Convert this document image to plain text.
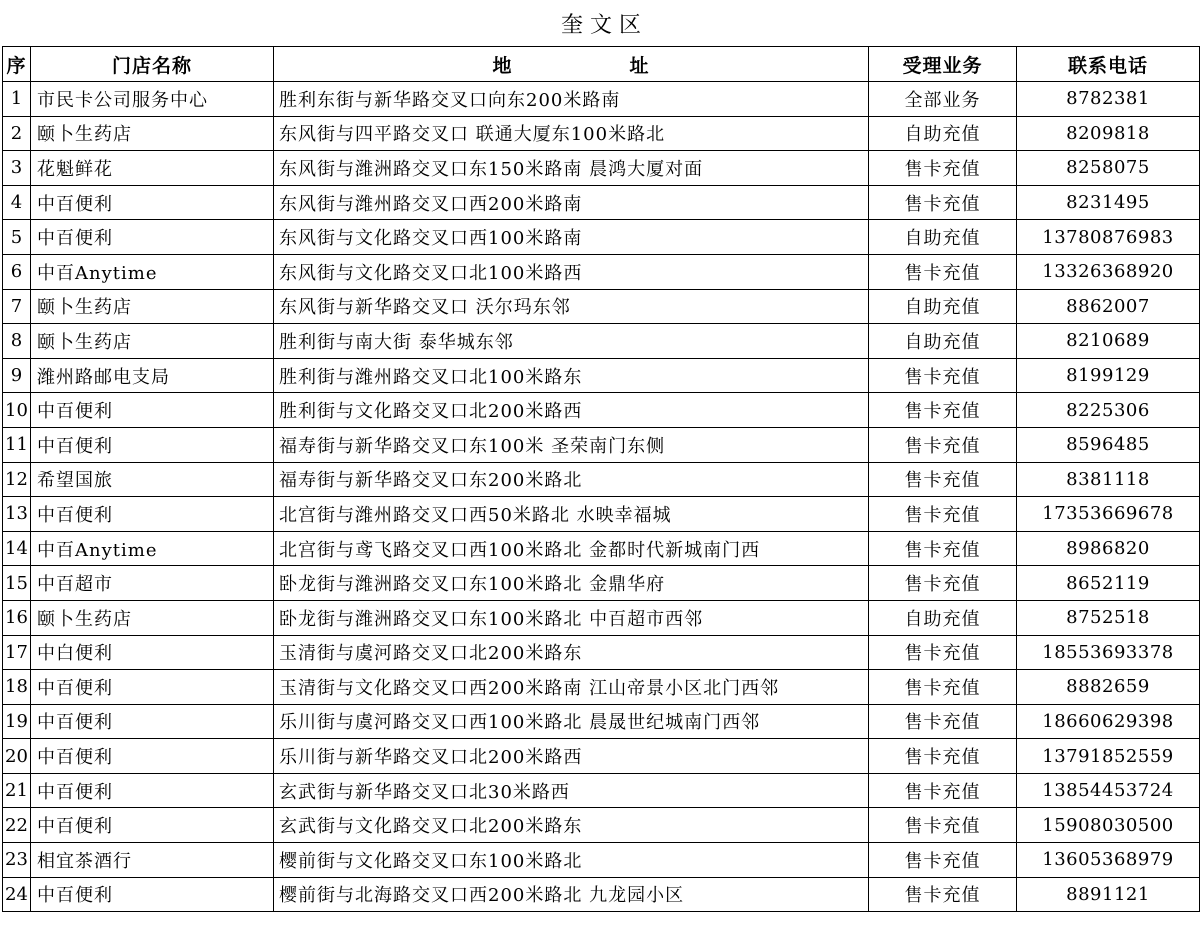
奎 文 区
序	门店名称	地 址	受理业务	联系电话
1	市民卡公司服务中心	胜利东街与新华路交叉口向东200米路南	全部业务	8782381
2	颐卜生药店	东风街与四平路交叉口 联通大厦东100米路北	自助充值	8209818
3	花魁鲜花	东风街与潍洲路交叉口东150米路南 晨鸿大厦对面	售卡充值	8258075
4	中百便利	东风街与潍州路交叉口西200米路南	售卡充值	8231495
5	中百便利	东风街与文化路交叉口西100米路南	自助充值	13780876983
6	中百Anytime	东风街与文化路交叉口北100米路西	售卡充值	13326368920
7	颐卜生药店	东风街与新华路交叉口 沃尔玛东邻	自助充值	8862007
8	颐卜生药店	胜利街与南大街 泰华城东邻	自助充值	8210689
9	潍州路邮电支局	胜利街与潍州路交叉口北100米路东	售卡充值	8199129
10	中百便利	胜利街与文化路交叉口北200米路西	售卡充值	8225306
11	中百便利	福寿街与新华路交叉口东100米 圣荣南门东侧	售卡充值	8596485
12	希望国旅	福寿街与新华路交叉口东200米路北	售卡充值	8381118
13	中百便利	北宫街与潍州路交叉口西50米路北 水映幸福城	售卡充值	17353669678
14	中百Anytime	北宫街与鸢飞路交叉口西100米路北 金都时代新城南门西	售卡充值	8986820
15	中百超市	卧龙街与潍洲路交叉口东100米路北 金鼎华府	售卡充值	8652119
16	颐卜生药店	卧龙街与潍洲路交叉口东100米路北 中百超市西邻	自助充值	8752518
17	中白便利	玉清街与虞河路交叉口北200米路东	售卡充值	18553693378
18	中百便利	玉清街与文化路交叉口西200米路南 江山帝景小区北门西邻	售卡充值	8882659
19	中百便利	乐川街与虞河路交叉口西100米路北 晨晟世纪城南门西邻	售卡充值	18660629398
20	中百便利	乐川街与新华路交叉口北200米路西	售卡充值	13791852559
21	中百便利	玄武街与新华路交叉口北30米路西	售卡充值	13854453724
22	中百便利	玄武街与文化路交叉口北200米路东	售卡充值	15908030500
23	相宜茶酒行	樱前街与文化路交叉口东100米路北	售卡充值	13605368979
24	中百便利	樱前街与北海路交叉口西200米路北 九龙园小区	售卡充值	8891121
